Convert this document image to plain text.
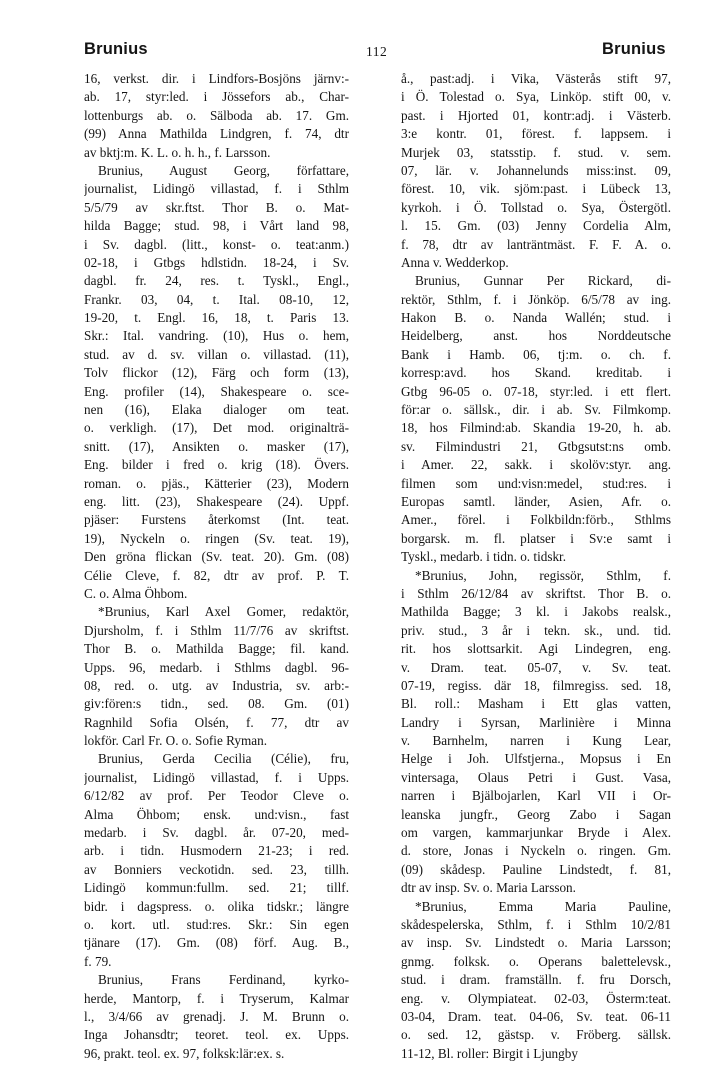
Brunius	112	Brunius
16, verkst. dir. i Lindfors-Bosjöns järnv:-
ab. 17, styr:led. i Jössefors ab., Char-
lottenburgs ab. o. Sälboda ab. 17. Gm.
(99) Anna Mathilda Lindgren, f. 74, dtr
av bktj:m. K. L. o. h. h., f. Larsson.
Brunius, August Georg, författare,
journalist, Lidingö villastad, f. i Sthlm
5/5/79 av skr.ftst. Thor B. o. Mat-
hilda Bagge; stud. 98, i Vårt land 98,
i Sv. dagbl. (litt., konst- o. teat:anm.)
02-18, i Gtbgs hdlstidn. 18-24, i Sv.
dagbl. fr. 24, res. t. Tyskl., Engl.,
Frankr. 03, 04, t. Ital. 08-10, 12,
19-20, t. Engl. 16, 18, t. Paris 13.
Skr.: Ital. vandring. (10), Hus o. hem,
stud. av d. sv. villan o. villastad. (11),
Tolv flickor (12), Färg och form (13),
Eng. profiler (14), Shakespeare o. sce-
nen (16), Elaka dialoger om teat.
o. verkligh. (17), Det mod. originalträ-
snitt. (17), Ansikten o. masker (17),
Eng. bilder i fred o. krig (18). Övers.
roman. o. pjäs., Kätterier (23), Modern
eng. litt. (23), Shakespeare (24). Uppf.
pjäser: Furstens återkomst (Int. teat.
19), Nyckeln o. ringen (Sv. teat. 19),
Den gröna flickan (Sv. teat. 20). Gm. (08)
Célie Cleve, f. 82, dtr av prof. P. T.
C. o. Alma Öhbom.
*Brunius, Karl Axel Gomer, redaktör,
Djursholm, f. i Sthlm 11/7/76 av skriftst.
Thor B. o. Mathilda Bagge; fil. kand.
Upps. 96, medarb. i Sthlms dagbl. 96-
08, red. o. utg. av Industria, sv. arb:-
giv:fören:s tidn., sed. 08. Gm. (01)
Ragnhild Sofia Olsén, f. 77, dtr av
lokför. Carl Fr. O. o. Sofie Ryman.
Brunius, Gerda Cecilia (Célie), fru,
journalist, Lidingö villastad, f. i Upps.
6/12/82 av prof. Per Teodor Cleve o.
Alma Öhbom; ensk. und:visn., fast
medarb. i Sv. dagbl. år. 07-20, med-
arb. i tidn. Husmodern 21-23; i red.
av Bonniers veckotidn. sed. 23, tillh.
Lidingö kommun:fullm. sed. 21; tillf.
bidr. i dagspress. o. olika tidskr.; längre
o. kort. utl. stud:res. Skr.: Sin egen
tjänare (17). Gm. (08) förf. Aug. B.,
f. 79.
Brunius, Frans Ferdinand, kyrko-
herde, Mantorp, f. i Tryserum, Kalmar
l., 3/4/66 av grenadj. J. M. Brunn o.
Inga Johansdtr; teoret. teol. ex. Upps.
96, prakt. teol. ex. 97, folksk:lär:ex. s.
å., past:adj. i Vika, Västerås stift 97,
i Ö. Tolestad o. Sya, Linköp. stift 00, v.
past. i Hjorted 01, kontr:adj. i Västerb.
3:e kontr. 01, förest. f. lappsem. i
Murjek 03, statsstip. f. stud. v. sem.
07, lär. v. Johannelunds miss:inst. 09,
förest. 10, vik. sjöm:past. i Lübeck 13,
kyrkoh. i Ö. Tollstad o. Sya, Östergötl.
l. 15. Gm. (03) Jenny Cordelia Alm,
f. 78, dtr av lanträntmäst. F. F. A. o.
Anna v. Wedderkop.
Brunius, Gunnar Per Rickard, di-
rektör, Sthlm, f. i Jönköp. 6/5/78 av ing.
Hakon B. o. Nanda Wallén; stud. i
Heidelberg, anst. hos Norddeutsche
Bank i Hamb. 06, tj:m. o. ch. f.
korresp:avd. hos Skand. kreditab. i
Gtbg 96-05 o. 07-18, styr:led. i ett flert.
för:ar o. sällsk., dir. i ab. Sv. Filmkomp.
18, hos Filmind:ab. Skandia 19-20, h. ab.
sv. Filmindustri 21, Gtbgsutst:ns omb.
i Amer. 22, sakk. i skolöv:styr. ang.
filmen som und:visn:medel, stud:res. i
Europas samtl. länder, Asien, Afr. o.
Amer., förel. i Folkbildn:förb., Sthlms
borgarsk. m. fl. platser i Sv:e samt i
Tyskl., medarb. i tidn. o. tidskr.
*Brunius, John, regissör, Sthlm, f.
i Sthlm 26/12/84 av skriftst. Thor B. o.
Mathilda Bagge; 3 kl. i Jakobs realsk.,
priv. stud., 3 år i tekn. sk., und. tid.
rit. hos slottsarkit. Agi Lindegren, eng.
v. Dram. teat. 05-07, v. Sv. teat.
07-19, regiss. där 18, filmregiss. sed. 18,
Bl. roll.: Masham i Ett glas vatten,
Landry i Syrsan, Marlinière i Minna
v. Barnhelm, narren i Kung Lear,
Helge i Joh. Ulfstjerna., Mopsus i En
vintersaga, Olaus Petri i Gust. Vasa,
narren i Bjälbojarlen, Karl VII i Or-
leanska jungfr., Georg Zabo i Sagan
om vargen, kammarjunkar Bryde i Alex.
d. store, Jonas i Nyckeln o. ringen. Gm.
(09) skådesp. Pauline Lindstedt, f. 81,
dtr av insp. Sv. o. Maria Larsson.
*Brunius, Emma Maria Pauline,
skådespelerska, Sthlm, f. i Sthlm 10/2/81
av insp. Sv. Lindstedt o. Maria Larsson;
gnmg. folksk. o. Operans balettelevsk.,
stud. i dram. framställn. f. fru Dorsch,
eng. v. Olympiateat. 02-03, Österm:teat.
03-04, Dram. teat. 04-06, Sv. teat. 06-11
o. sed. 12, gästsp. v. Fröberg. sällsk.
11-12, Bl. roller: Birgit i Ljungby
